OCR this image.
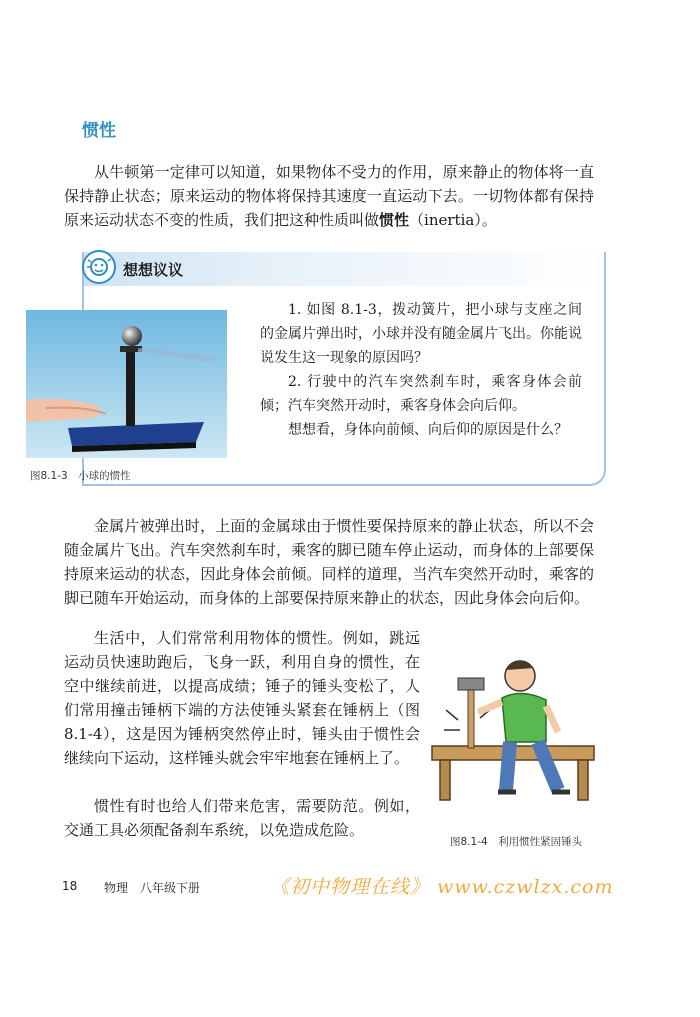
惯性
从牛顿第一定律可以知道，如果物体不受力的作用，原来静止的物体将一直保持静止状态；原来运动的物体将保持其速度一直运动下去。一切物体都有保持原来运动状态不变的性质，我们把这种性质叫做惯性（inertia）。
想想议议
1. 如图 8.1-3，拨动簧片，把小球与支座之间的金属片弹出时，小球并没有随金属片飞出。你能说说发生这一现象的原因吗？
2. 行驶中的汽车突然刹车时，乘客身体会前倾；汽车突然开动时，乘客身体会向后仰。
想想看，身体向前倾、向后仰的原因是什么？
图8.1-3　小球的惯性
金属片被弹出时，上面的金属球由于惯性要保持原来的静止状态，所以不会随金属片飞出。汽车突然刹车时，乘客的脚已随车停止运动，而身体的上部要保持原来运动的状态，因此身体会前倾。同样的道理，当汽车突然开动时，乘客的脚已随车开始运动，而身体的上部要保持原来静止的状态，因此身体会向后仰。
生活中，人们常常利用物体的惯性。例如，跳远运动员快速助跑后，飞身一跃，利用自身的惯性，在空中继续前进，以提高成绩；锤子的锤头变松了，人们常用撞击锤柄下端的方法使锤头紧套在锤柄上（图8.1-4），这是因为锤柄突然停止时，锤头由于惯性会继续向下运动，这样锤头就会牢牢地套在锤柄上了。
惯性有时也给人们带来危害，需要防范。例如，交通工具必须配备刹车系统，以免造成危险。
图8.1-4　利用惯性紧固锤头
18 物理　八年级下册	《初中物理在线》 www.czwlzx.com
